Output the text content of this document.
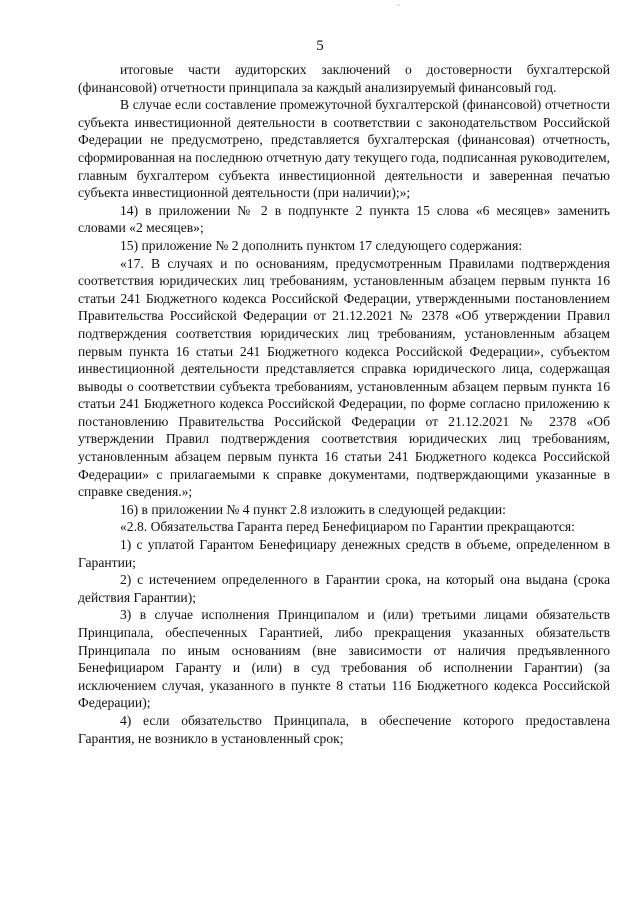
ˋ
5

итоговые части аудиторских заключений о достоверности бухгалтерской (финансовой) отчетности принципала за каждый анализируемый финансовый год.

В случае если составление промежуточной бухгалтерской (финансовой) отчетности субъекта инвестиционной деятельности в соответствии с законодательством Российской Федерации не предусмотрено, представляется бухгалтерская (финансовая) отчетность, сформированная на последнюю отчетную дату текущего года, подписанная руководителем, главным бухгалтером субъекта инвестиционной деятельности и заверенная печатью субъекта инвестиционной деятельности (при наличии);»;

14) в приложении № 2 в подпункте 2 пункта 15 слова «6 месяцев» заменить словами «2 месяцев»;

15) приложение № 2 дополнить пунктом 17 следующего содержания:

«17. В случаях и по основаниям, предусмотренным Правилами подтверждения соответствия юридических лиц требованиям, установленным абзацем первым пункта 16 статьи 241 Бюджетного кодекса Российской Федерации, утвержденными постановлением Правительства Российской Федерации от 21.12.2021 № 2378 «Об утверждении Правил подтверждения соответствия юридических лиц требованиям, установленным абзацем первым пункта 16 статьи 241 Бюджетного кодекса Российской Федерации», субъектом инвестиционной деятельности представляется справка юридического лица, содержащая выводы о соответствии субъекта требованиям, установленным абзацем первым пункта 16 статьи 241 Бюджетного кодекса Российской Федерации, по форме согласно приложению к постановлению Правительства Российской Федерации от 21.12.2021 № 2378 «Об утверждении Правил подтверждения соответствия юридических лиц требованиям, установленным абзацем первым пункта 16 статьи 241 Бюджетного кодекса Российской Федерации» с прилагаемыми к справке документами, подтверждающими указанные в справке сведения.»;

16) в приложении № 4 пункт 2.8 изложить в следующей редакции:

«2.8. Обязательства Гаранта перед Бенефициаром по Гарантии прекращаются:

1) с уплатой Гарантом Бенефициару денежных средств в объеме, определенном в Гарантии;

2) с истечением определенного в Гарантии срока, на который она выдана (срока действия Гарантии);

3) в случае исполнения Принципалом и (или) третьими лицами обязательств Принципала, обеспеченных Гарантией, либо прекращения указанных обязательств Принципала по иным основаниям (вне зависимости от наличия предъявленного Бенефициаром Гаранту и (или) в суд требования об исполнении Гарантии) (за исключением случая, указанного в пункте 8 статьи 116 Бюджетного кодекса Российской Федерации);

4) если обязательство Принципала, в обеспечение которого предоставлена Гарантия, не возникло в установленный срок;
